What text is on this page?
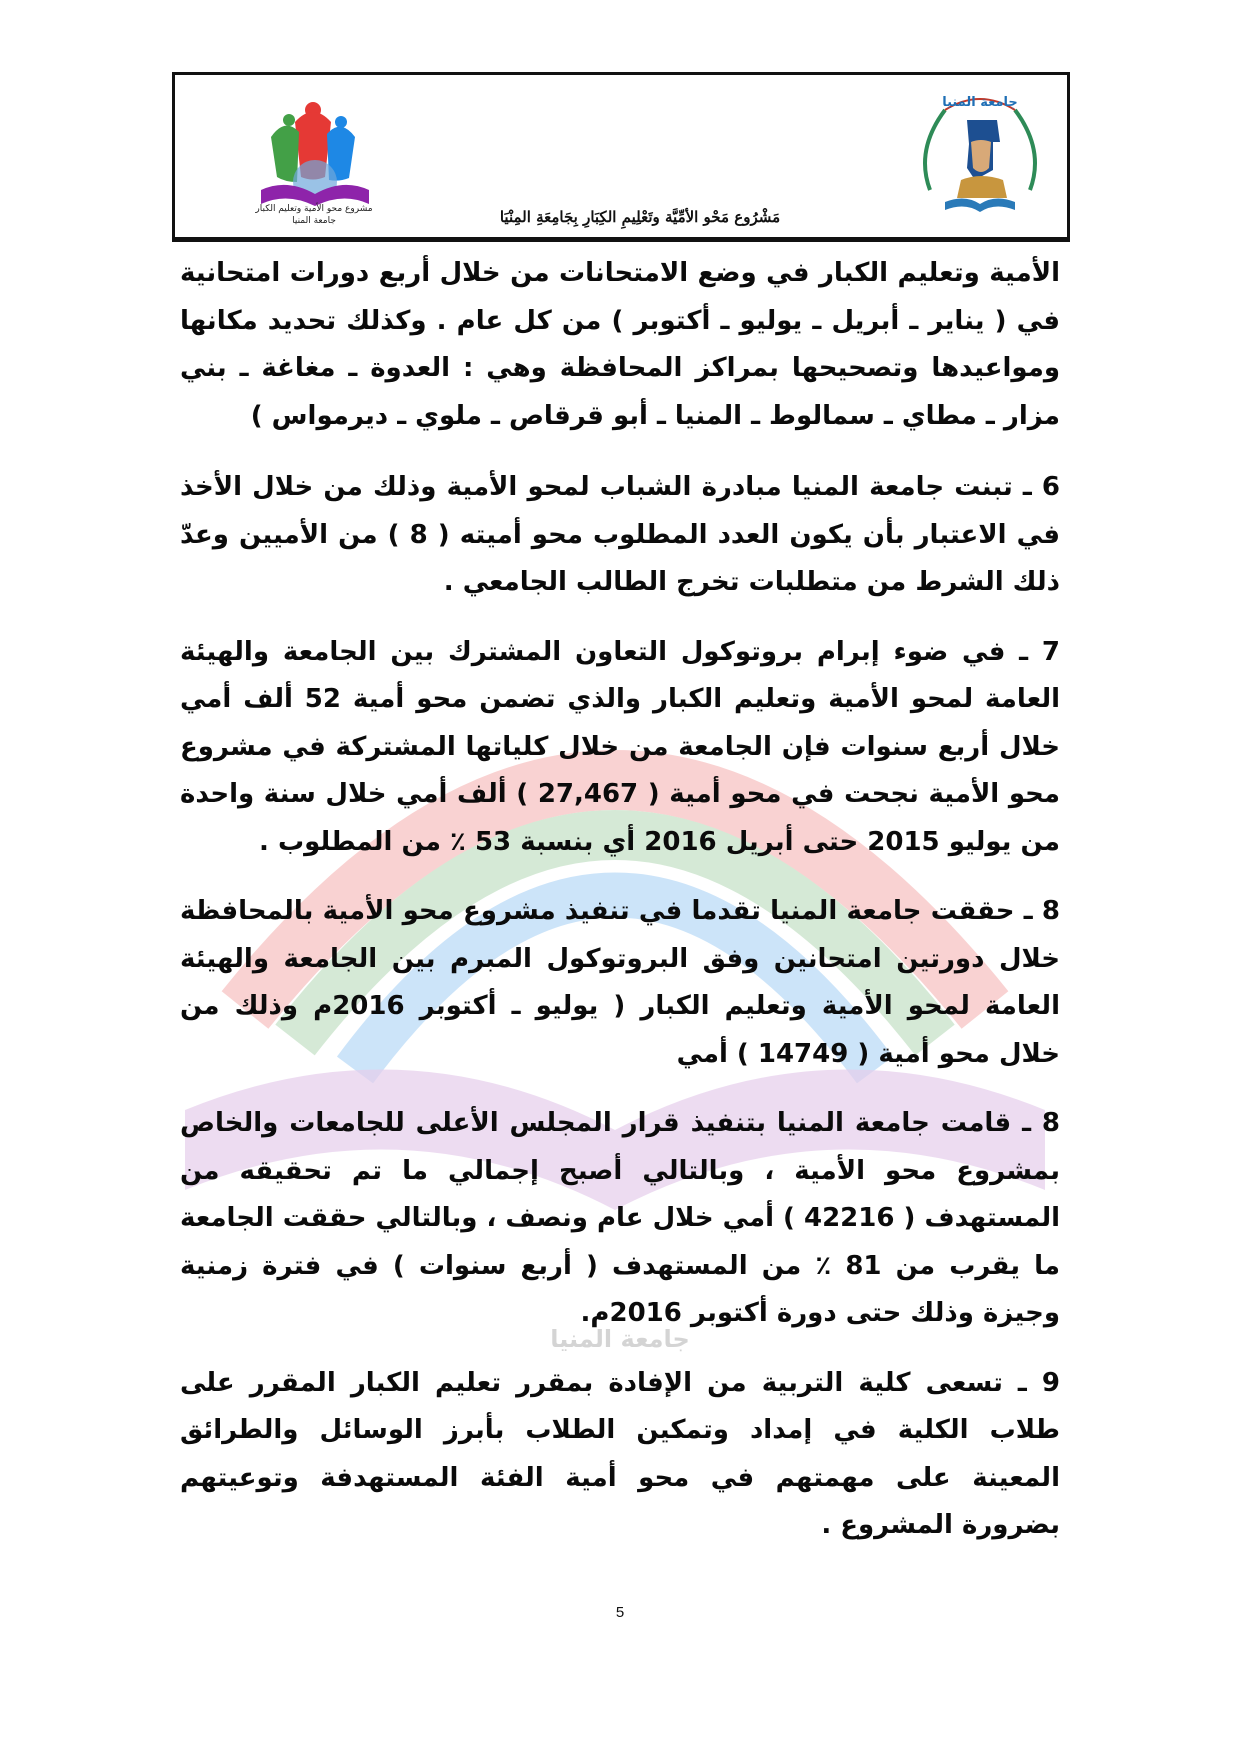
مشروع محو الأمية وتعليم الكبار جامعة المنيا
جامعة المنيا
مَشْرُوع مَحْو الأمِّيَّة وتَعْلِيمِ الكِبَارِ بِجَامِعَةِ المِنْيَا
جامعة المنيا

الأمية وتعليم الكبار في وضع الامتحانات من خلال أربع دورات امتحانية في ( يناير ـ أبريل ـ يوليو ـ أكتوبر ) من كل عام . وكذلك تحديد مكانها ومواعيدها وتصحيحها بمراكز المحافظة وهي : العدوة ـ مغاغة ـ بني مزار ـ مطاي ـ سمالوط ـ المنيا ـ أبو قرقاص ـ ملوي ـ ديرمواس )

6 ـ تبنت جامعة المنيا مبادرة الشباب لمحو الأمية وذلك من خلال الأخذ في الاعتبار بأن يكون العدد المطلوب محو أميته ( 8 ) من الأميين وعدّ ذلك الشرط من متطلبات تخرج الطالب الجامعي .

7 ـ في ضوء إبرام بروتوكول التعاون المشترك بين الجامعة والهيئة العامة لمحو الأمية وتعليم الكبار والذي تضمن محو أمية 52 ألف أمي خلال أربع سنوات فإن الجامعة من خلال كلياتها المشتركة في مشروع محو الأمية نجحت في محو أمية ( 27,467 ) ألف أمي خلال سنة واحدة من يوليو 2015 حتى أبريل 2016 أي بنسبة 53 ٪ من المطلوب .

8 ـ حققت جامعة المنيا تقدما في تنفيذ مشروع محو الأمية بالمحافظة خلال دورتين امتحانين وفق البروتوكول المبرم بين الجامعة والهيئة العامة لمحو الأمية وتعليم الكبار ( يوليو ـ أكتوبر 2016م وذلك من خلال محو أمية ( 14749 ) أمي

8 ـ قامت جامعة المنيا بتنفيذ قرار المجلس الأعلى للجامعات والخاص بمشروع محو الأمية ، وبالتالي أصبح إجمالي ما تم تحقيقه من المستهدف ( 42216 ) أمي خلال عام ونصف ، وبالتالي حققت الجامعة ما يقرب من 81 ٪ من المستهدف ( أربع سنوات ) في فترة زمنية وجيزة وذلك حتى دورة أكتوبر 2016م.

9 ـ تسعى كلية التربية من الإفادة بمقرر تعليم الكبار المقرر على طلاب الكلية في إمداد وتمكين الطلاب بأبرز الوسائل والطرائق المعينة على مهمتهم في محو أمية الفئة المستهدفة وتوعيتهم بضرورة المشروع .

5
